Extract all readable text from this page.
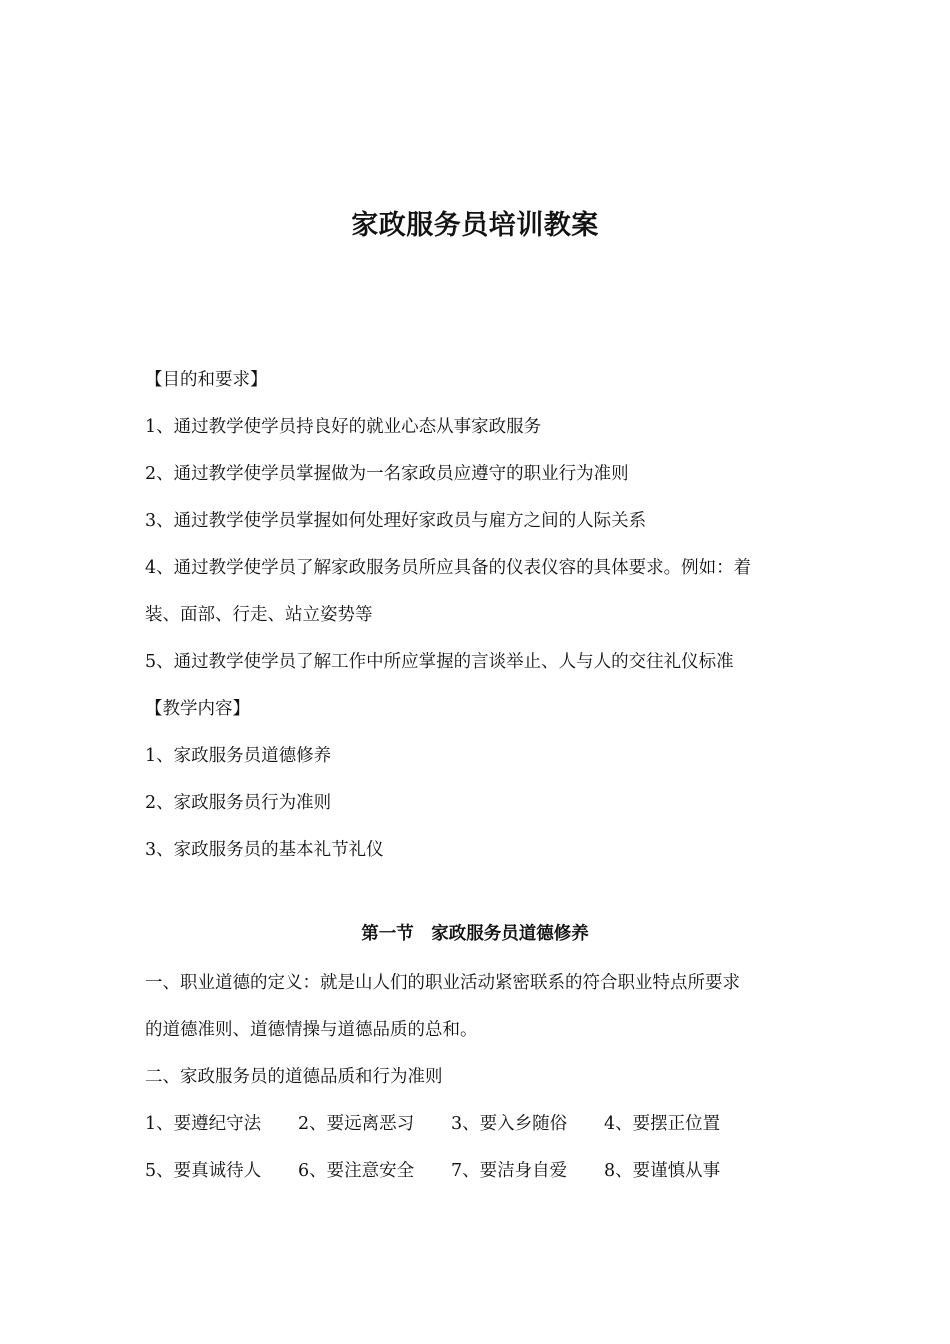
家政服务员培训教案

【目的和要求】

1、通过教学使学员持良好的就业心态从事家政服务

2、通过教学使学员掌握做为一名家政员应遵守的职业行为准则

3、通过教学使学员掌握如何处理好家政员与雇方之间的人际关系

4、通过教学使学员了解家政服务员所应具备的仪表仪容的具体要求。例如：着

装、面部、行走、站立姿势等

5、通过教学使学员了解工作中所应掌握的言谈举止、人与人的交往礼仪标准

【教学内容】

1、家政服务员道德修养

2、家政服务员行为准则

3、家政服务员的基本礼节礼仪

第一节　家政服务员道德修养

一、职业道德的定义：就是山人们的职业活动紧密联系的符合职业特点所要求

的道德准则、道德情操与道德品质的总和。

二、家政服务员的道德品质和行为准则

1、要遵纪守法	2、要远离恶习	3、要入乡随俗	4、要摆正位置
5、要真诚待人	6、要注意安全	7、要洁身自爱	8、要谨慎从事
